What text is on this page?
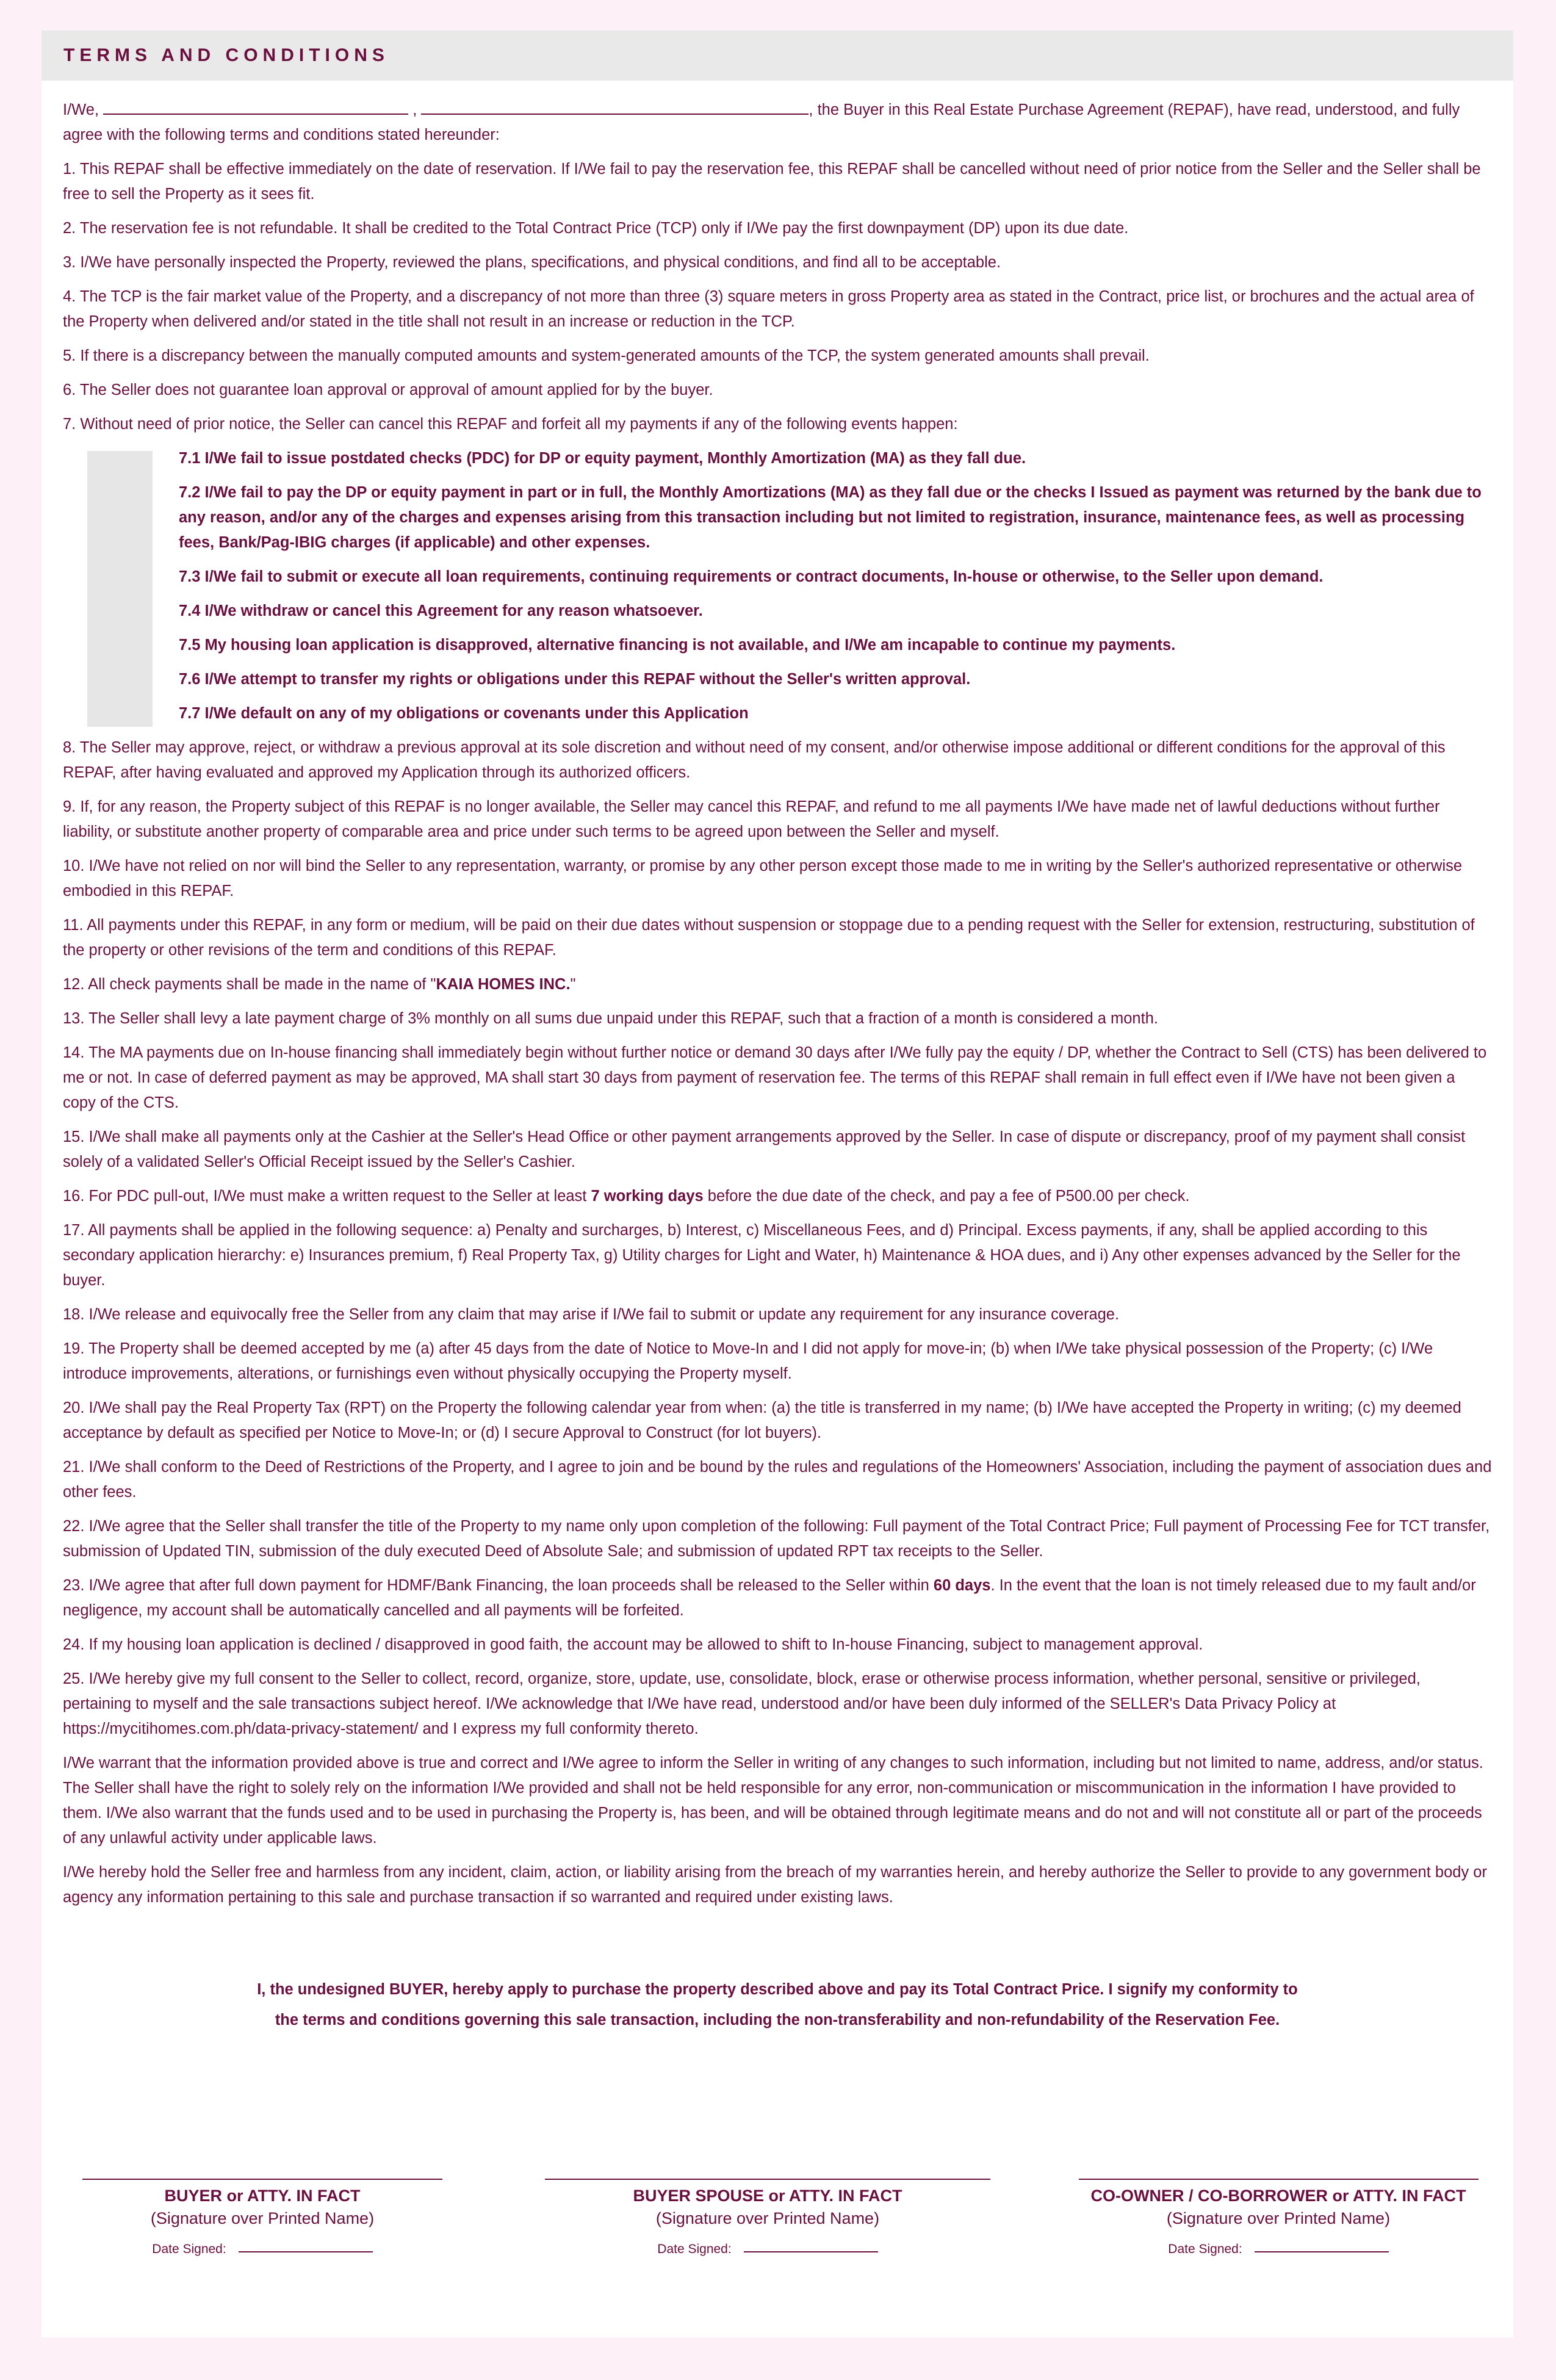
TERMS AND CONDITIONS

I/We,	,	, the Buyer in this Real Estate Purchase Agreement (REPAF), have read, understood, and fully agree with the following terms and conditions stated hereunder:

1. This REPAF shall be effective immediately on the date of reservation. If I/We fail to pay the reservation fee, this REPAF shall be cancelled without need of prior notice from the Seller and the Seller shall be free to sell the Property as it sees fit.

2. The reservation fee is not refundable. It shall be credited to the Total Contract Price (TCP) only if I/We pay the first downpayment (DP) upon its due date.

3. I/We have personally inspected the Property, reviewed the plans, specifications, and physical conditions, and find all to be acceptable.

4. The TCP is the fair market value of the Property, and a discrepancy of not more than three (3) square meters in gross Property area as stated in the Contract, price list, or brochures and the actual area of the Property when delivered and/or stated in the title shall not result in an increase or reduction in the TCP.

5. If there is a discrepancy between the manually computed amounts and system-generated amounts of the TCP, the system generated amounts shall prevail.

6. The Seller does not guarantee loan approval or approval of amount applied for by the buyer.

7. Without need of prior notice, the Seller can cancel this REPAF and forfeit all my payments if any of the following events happen:

7.1 I/We fail to issue postdated checks (PDC) for DP or equity payment, Monthly Amortization (MA) as they fall due.

7.2 I/We fail to pay the DP or equity payment in part or in full, the Monthly Amortizations (MA) as they fall due or the checks I Issued as payment was returned by the bank due to any reason, and/or any of the charges and expenses arising from this transaction including but not limited to registration, insurance, maintenance fees, as well as processing fees, Bank/Pag-IBIG charges (if applicable) and other expenses.

7.3 I/We fail to submit or execute all loan requirements, continuing requirements or contract documents, In-house or otherwise, to the Seller upon demand.

7.4 I/We withdraw or cancel this Agreement for any reason whatsoever.

7.5 My housing loan application is disapproved, alternative financing is not available, and I/We am incapable to continue my payments.

7.6 I/We attempt to transfer my rights or obligations under this REPAF without the Seller's written approval.

7.7 I/We default on any of my obligations or covenants under this Application

8. The Seller may approve, reject, or withdraw a previous approval at its sole discretion and without need of my consent, and/or otherwise impose additional or different conditions for the approval of this REPAF, after having evaluated and approved my Application through its authorized officers.

9. If, for any reason, the Property subject of this REPAF is no longer available, the Seller may cancel this REPAF, and refund to me all payments I/We have made net of lawful deductions without further liability, or substitute another property of comparable area and price under such terms to be agreed upon between the Seller and myself.

10. I/We have not relied on nor will bind the Seller to any representation, warranty, or promise by any other person except those made to me in writing by the Seller's authorized representative or otherwise embodied in this REPAF.

11. All payments under this REPAF, in any form or medium, will be paid on their due dates without suspension or stoppage due to a pending request with the Seller for extension, restructuring, substitution of the property or other revisions of the term and conditions of this REPAF.

12. All check payments shall be made in the name of "KAIA HOMES INC."

13. The Seller shall levy a late payment charge of 3% monthly on all sums due unpaid under this REPAF, such that a fraction of a month is considered a month.

14. The MA payments due on In-house financing shall immediately begin without further notice or demand 30 days after I/We fully pay the equity / DP, whether the Contract to Sell (CTS) has been delivered to me or not. In case of deferred payment as may be approved, MA shall start 30 days from payment of reservation fee. The terms of this REPAF shall remain in full effect even if I/We have not been given a copy of the CTS.

15. I/We shall make all payments only at the Cashier at the Seller's Head Office or other payment arrangements approved by the Seller. In case of dispute or discrepancy, proof of my payment shall consist solely of a validated Seller's Official Receipt issued by the Seller's Cashier.

16. For PDC pull-out, I/We must make a written request to the Seller at least 7 working days before the due date of the check, and pay a fee of P500.00 per check.

17. All payments shall be applied in the following sequence: a) Penalty and surcharges, b) Interest, c) Miscellaneous Fees, and d) Principal. Excess payments, if any, shall be applied according to this secondary application hierarchy: e) Insurances premium, f) Real Property Tax, g) Utility charges for Light and Water, h) Maintenance & HOA dues, and i) Any other expenses advanced by the Seller for the buyer.

18. I/We release and equivocally free the Seller from any claim that may arise if I/We fail to submit or update any requirement for any insurance coverage.

19. The Property shall be deemed accepted by me (a) after 45 days from the date of Notice to Move-In and I did not apply for move-in; (b) when I/We take physical possession of the Property; (c) I/We introduce improvements, alterations, or furnishings even without physically occupying the Property myself.

20. I/We shall pay the Real Property Tax (RPT) on the Property the following calendar year from when: (a) the title is transferred in my name; (b) I/We have accepted the Property in writing; (c) my deemed acceptance by default as specified per Notice to Move-In; or (d) I secure Approval to Construct (for lot buyers).

21. I/We shall conform to the Deed of Restrictions of the Property, and I agree to join and be bound by the rules and regulations of the Homeowners' Association, including the payment of association dues and other fees.

22. I/We agree that the Seller shall transfer the title of the Property to my name only upon completion of the following: Full payment of the Total Contract Price; Full payment of Processing Fee for TCT transfer, submission of Updated TIN, submission of the duly executed Deed of Absolute Sale; and submission of updated RPT tax receipts to the Seller.

23. I/We agree that after full down payment for HDMF/Bank Financing, the loan proceeds shall be released to the Seller within 60 days. In the event that the loan is not timely released due to my fault and/or negligence, my account shall be automatically cancelled and all payments will be forfeited.

24. If my housing loan application is declined / disapproved in good faith, the account may be allowed to shift to In-house Financing, subject to management approval.

25. I/We hereby give my full consent to the Seller to collect, record, organize, store, update, use, consolidate, block, erase or otherwise process information, whether personal, sensitive or privileged, pertaining to myself and the sale transactions subject hereof. I/We acknowledge that I/We have read, understood and/or have been duly informed of the SELLER's Data Privacy Policy at https://mycitihomes.com.ph/data-privacy-statement/ and I express my full conformity thereto.

I/We warrant that the information provided above is true and correct and I/We agree to inform the Seller in writing of any changes to such information, including but not limited to name, address, and/or status. The Seller shall have the right to solely rely on the information I/We provided and shall not be held responsible for any error, non-communication or miscommunication in the information I have provided to them. I/We also warrant that the funds used and to be used in purchasing the Property is, has been, and will be obtained through legitimate means and do not and will not constitute all or part of the proceeds of any unlawful activity under applicable laws.

I/We hereby hold the Seller free and harmless from any incident, claim, action, or liability arising from the breach of my warranties herein, and hereby authorize the Seller to provide to any government body or agency any information pertaining to this sale and purchase transaction if so warranted and required under existing laws.

I, the undesigned BUYER, hereby apply to purchase the property described above and pay its Total Contract Price. I signify my conformity to
the terms and conditions governing this sale transaction, including the non-transferability and non-refundability of the Reservation Fee.
BUYER or ATTY. IN FACT
(Signature over Printed Name)
Date Signed:
BUYER SPOUSE or ATTY. IN FACT
(Signature over Printed Name)
Date Signed:
CO-OWNER / CO-BORROWER or ATTY. IN FACT
(Signature over Printed Name)
Date Signed:
